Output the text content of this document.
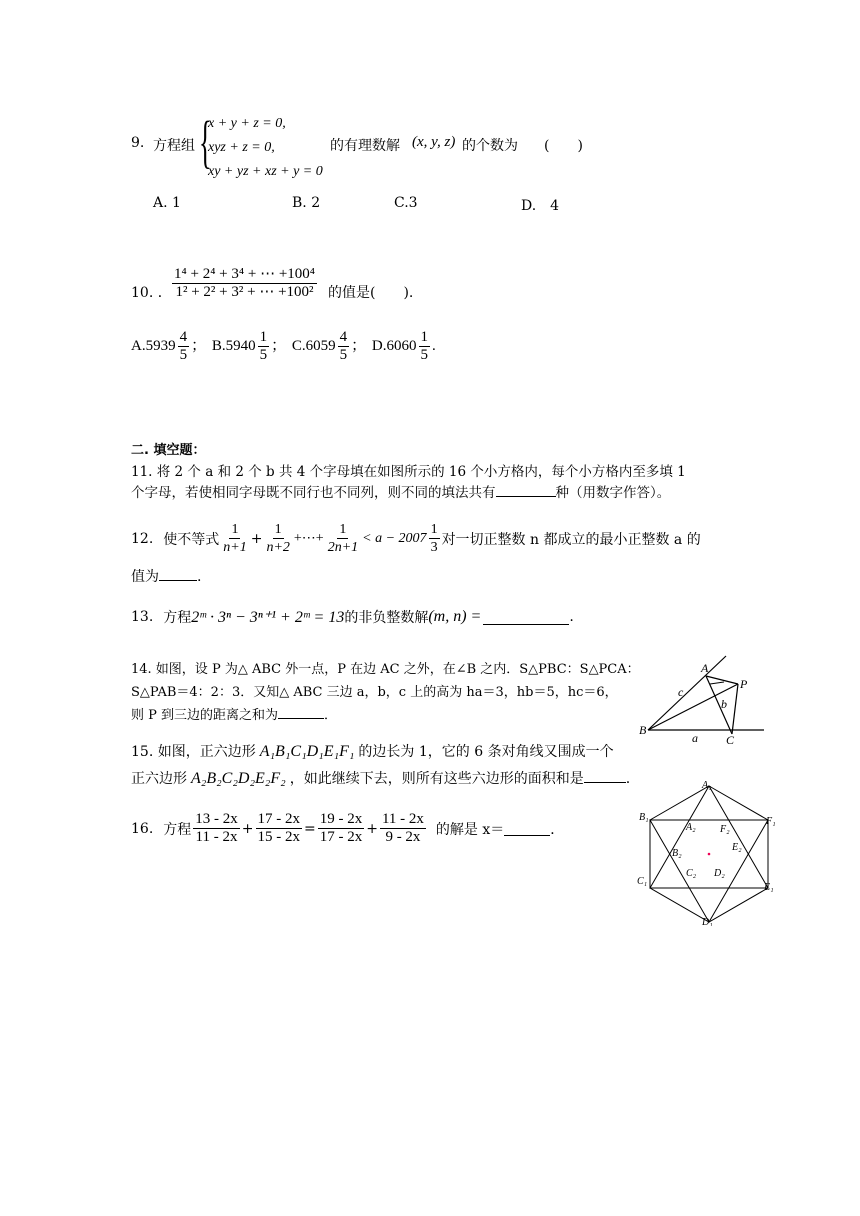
9. 方程组 {
x + y + z = 0,
xyz + z = 0,
xy + yz + xz + y = 0
的有理数解 (x, y, z) 的个数为 (　　)
A. 1	B. 2	C.3	D.　4
10. ． $\frac{\text{1⁴ + 2⁴ + 3⁴ + ⋯ +100⁴}}{\text{1² + 2² + 3² + ⋯ +100²}}$ 的值是(　　).
$A.5939 \frac{4}{5}$ ； $B.5940 \frac{1}{5}$ ； $C.6059 \frac{4}{5}$ ； $D.6060 \frac{1}{5}$ .
二. 填空题：
11. 将 2 个 a 和 2 个 b 共 4 个字母填在如图所示的 16 个小方格内，每个小方格内至多填 1
个字母，若使相同字母既不同行也不同列，则不同的填法共有	种（用数字作答）。
12. 使不等式 $\frac{1}{n+1} + \frac{1}{n+2}$ +⋯+ $\frac{1}{2n+1} < a - 2007 \frac{1}{3}$ 对一切正整数 n 都成立的最小正整数 a 的
值为	.
13. 方程 2ᵐ · 3ⁿ − 3ⁿ⁺¹ + 2ᵐ = 13 的非负整数解 (m, n) =	.
14. 如图，设 P 为△ ABC 外一点，P 在边 AC 之外，在∠B 之内．S△PBC：S△PCA：
S△PAB＝4：2：3．又知△ ABC 三边 a，b，c 上的高为 ha＝3，hb＝5，hc＝6，
则 P 到三边的距离之和为	．
A
P
c
b
B
a C
15. 如图，正六边形 A₁B₁C₁D₁E₁F₁ 的边长为 1，它的 6 条对角线又围成一个
正六边形 A₂B₂C₂D₂E₂F₂ ，如此继续下去，则所有这些六边形的面积和是	.
16. 方程 $\frac{13 - 2x}{11 - 2x} + \frac{17 - 2x}{15 - 2x} = \frac{19 - 2x}{17 - 2x} + \frac{11 - 2x}{9 - 2x}$ 的解是 x＝	．
A₁
B₁	F₁
A₂ F₂
E₂
B₂
C₂ D₂
C₁
E₁
D₁
